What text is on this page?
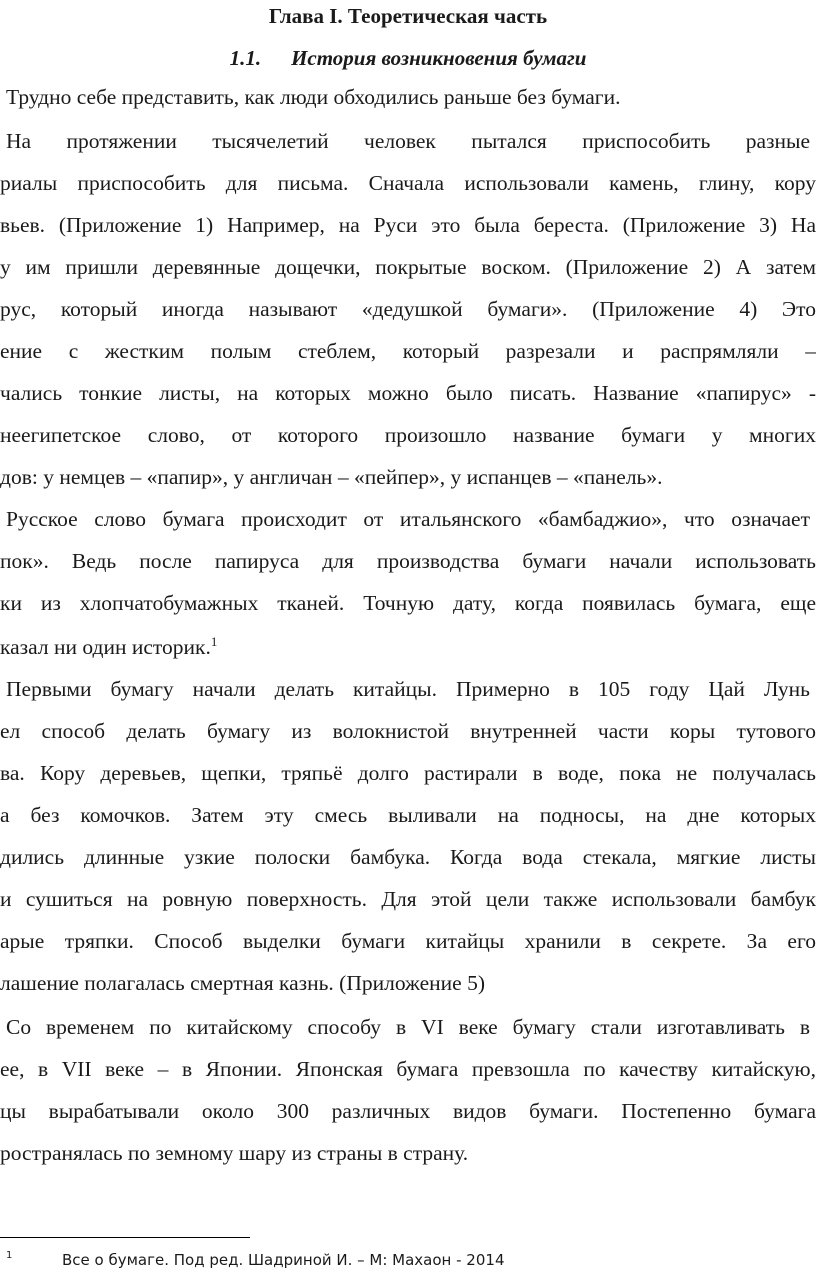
Глава I. Теоретическая часть
1.1. История возникновения бумаги
Трудно себе представить, как люди обходились раньше без бумаги.
На протяжении тысячелетий человек пытался приспособить разные
риалы приспособить для письма. Сначала использовали камень, глину, кору
вьев. (Приложение 1) Например, на Руси это была береста. (Приложение 3) На
у им пришли деревянные дощечки, покрытые воском. (Приложение 2) А затем
рус, который иногда называют «дедушкой бумаги». (Приложение 4) Это
ение с жестким полым стеблем, который разрезали и распрямляли –
чались тонкие листы, на которых можно было писать. Название «папирус» -
неегипетское слово, от которого произошло название бумаги у многих
дов: у немцев – «папир», у англичан – «пейпер», у испанцев – «панель».
Русское слово бумага происходит от итальянского «бамбаджио», что означает
пок». Ведь после папируса для производства бумаги начали использовать
ки из хлопчатобумажных тканей. Точную дату, когда появилась бумага, еще
казал ни один историк.$^1$
Первыми бумагу начали делать китайцы. Примерно в 105 году Цай Лунь
ел способ делать бумагу из волокнистой внутренней части коры тутового
ва. Кору деревьев, щепки, тряпьё долго растирали в воде, пока не получалась
а без комочков. Затем эту смесь выливали на подносы, на дне которых
дились длинные узкие полоски бамбука. Когда вода стекала, мягкие листы
и сушиться на ровную поверхность. Для этой цели также использовали бамбук
арые тряпки. Способ выделки бумаги китайцы хранили в секрете. За его
лашение полагалась смертная казнь. (Приложение 5)
Со временем по китайскому способу в VI веке бумагу стали изготавливать в
ее, в VII веке – в Японии. Японская бумага превзошла по качеству китайскую,
цы вырабатывали около 300 различных видов бумаги. Постепенно бумага
ространялась по земному шару из страны в страну.
1	Все о бумаге. Под ред. Шадриной И. – М: Махаон - 2014
